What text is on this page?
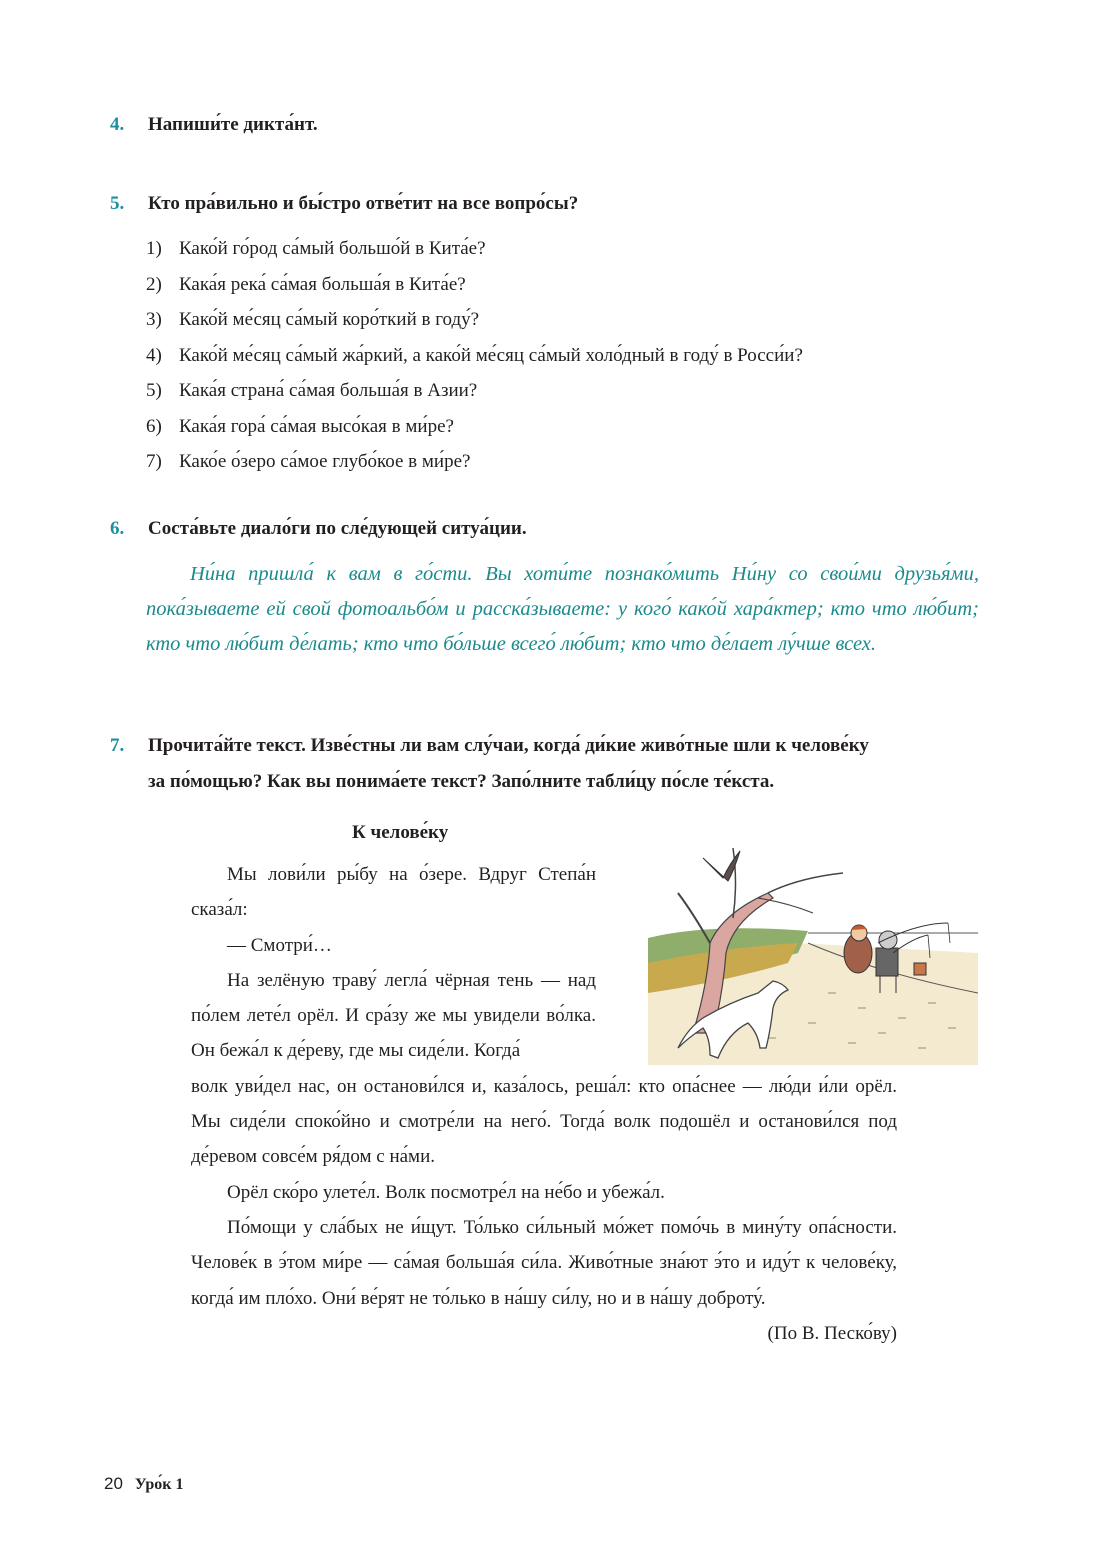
4. Напиши́те дикта́нт.
5. Кто пра́вильно и бы́стро отве́тит на все вопро́сы?
1) Како́й го́род са́мый большо́й в Кита́е?
2) Кака́я река́ са́мая больша́я в Кита́е?
3) Како́й ме́сяц са́мый коро́ткий в году́?
4) Како́й ме́сяц са́мый жа́ркий, а како́й ме́сяц са́мый холо́дный в году́ в Росси́и?
5) Кака́я страна́ са́мая больша́я в Азии?
6) Кака́я гора́ са́мая высо́кая в ми́ре?
7) Како́е о́зеро са́мое глубо́кое в ми́ре?
6. Соста́вьте диало́ги по сле́дующей ситуа́ции.
Ни́на пришла́ к вам в го́сти. Вы хоти́те познако́мить Ни́ну со свои́ми друзья́ми, пока́зываете ей свой фотоальбо́м и расска́зываете: у кого́ како́й хара́ктер; кто что лю́бит; кто что лю́бит де́лать; кто что бо́льше всего́ лю́бит; кто что де́лает лу́чше всех.
7. Прочита́йте текст. Изве́стны ли вам слу́чаи, когда́ ди́кие живо́тные шли к челове́ку
за по́мощью? Как вы понима́ете текст? Запо́лните табли́цу по́сле те́кста.
К челове́ку

Мы лови́ли ры́бу на о́зере. Вдруг Степа́н сказа́л:

— Смотри́…

На зелёную траву́ легла́ чёрная тень — над по́лем лете́л орёл. И сра́зу же мы увидели во́лка. Он бежа́л к де́реву, где мы сиде́ли. Когда́

волк уви́дел нас, он останови́лся и, каза́лось, реша́л: кто опа́снее — лю́ди и́ли орёл. Мы сиде́ли споко́йно и смотре́ли на него́. Тогда́ волк подошёл и останови́лся под де́ревом совсе́м ря́дом с на́ми.

Орёл ско́ро улете́л. Волк посмотре́л на не́бо и убежа́л.

По́мощи у сла́бых не и́щут. То́лько си́льный мо́жет помо́чь в мину́ту опа́сности. Челове́к в э́том ми́ре — са́мая больша́я си́ла. Живо́тные зна́ют э́то и иду́т к челове́ку, когда́ им пло́хо. Они́ ве́рят не то́лько в на́шу си́лу, но и в на́шу доброту́.

(По В. Песко́ву)

20 Уро́к 1
